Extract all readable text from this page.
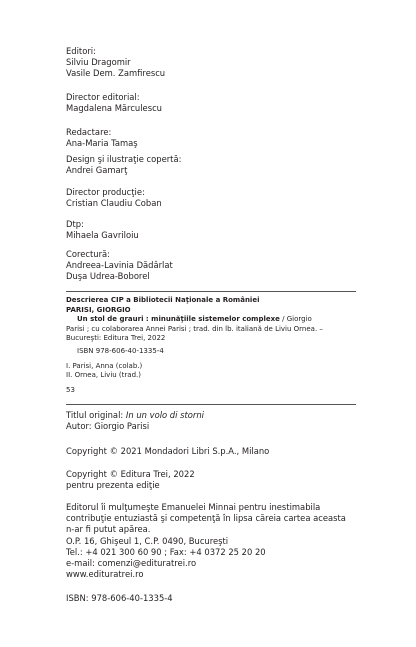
Editori:
Silviu Dragomir
Vasile Dem. Zamfirescu
Director editorial:
Magdalena Mărculescu
Redactare:
Ana-Maria Tamaş
Design şi ilustraţie copertă:
Andrei Gamarţ
Director producţie:
Cristian Claudiu Coban
Dtp:
Mihaela Gavriloiu
Corectură:
Andreea-Lavinia Dădârlat
Duşa Udrea-Boborel
Descrierea CIP a Bibliotecii Naţionale a României
PARISI, GIORGIO
Un stol de grauri : minunăţiile sistemelor complexe / Giorgio
Parisi ; cu colaborarea Annei Parisi ; trad. din lb. italiană de Liviu Ornea. –
Bucureşti: Editura Trei, 2022
ISBN 978-606-40-1335-4
I. Parisi, Anna (colab.)
II. Ornea, Liviu (trad.)
53
Titlul original: In un volo di storni
Autor: Giorgio Parisi
Copyright © 2021 Mondadori Libri S.p.A., Milano
Copyright © Editura Trei, 2022
pentru prezenta ediţie
Editorul îi mulţumeşte Emanuelei Minnai pentru inestimabila contribuţie entuziastă şi competenţă în lipsa căreia cartea aceasta n-ar fi putut apărea.
O.P. 16, Ghişeul 1, C.P. 0490, Bucureşti
Tel.: +4 021 300 60 90 ; Fax: +4 0372 25 20 20
e-mail: comenzi@edituratrei.ro
www.edituratrei.ro
ISBN: 978-606-40-1335-4
